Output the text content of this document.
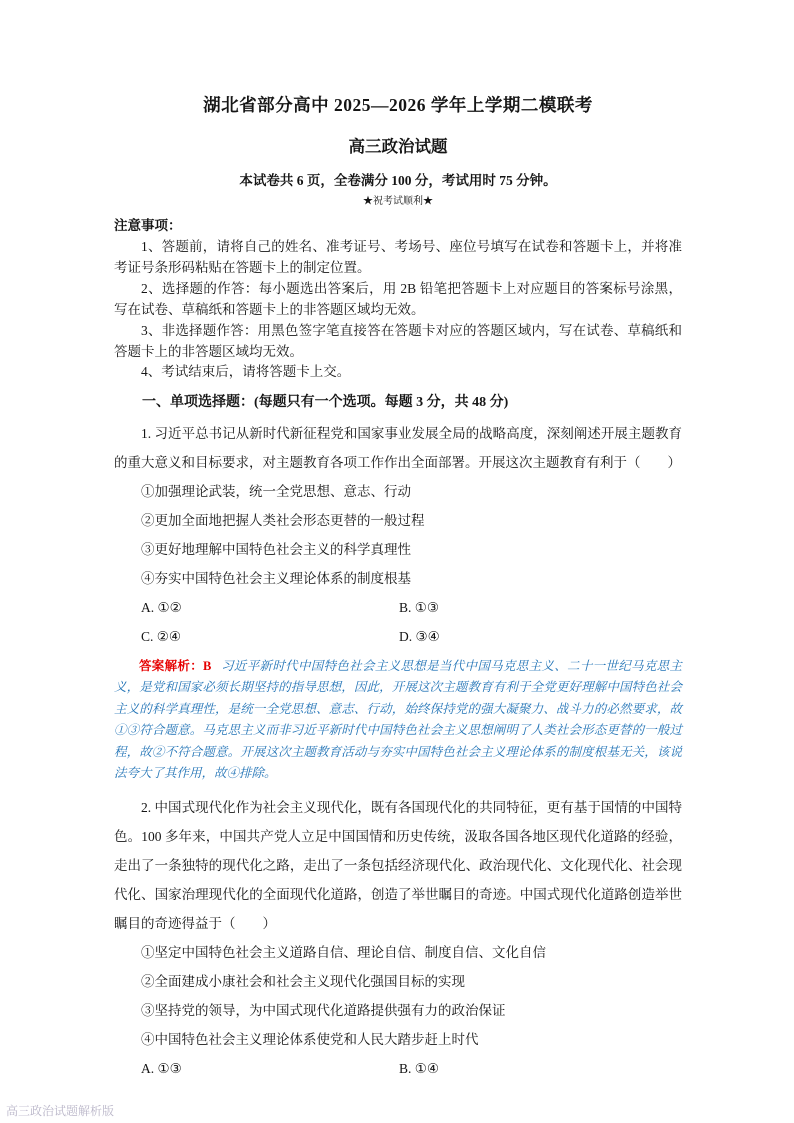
湖北省部分高中 2025—2026 学年上学期二模联考
高三政治试题
本试卷共 6 页，全卷满分 100 分，考试用时 75 分钟。
★祝考试顺利★
注意事项：

1、答题前，请将自己的姓名、准考证号、考场号、座位号填写在试卷和答题卡上，并将准考证号条形码粘贴在答题卡上的制定位置。

2、选择题的作答：每小题选出答案后，用 2B 铅笔把答题卡上对应题目的答案标号涂黑，写在试卷、草稿纸和答题卡上的非答题区域均无效。

3、非选择题作答：用黑色签字笔直接答在答题卡对应的答题区域内，写在试卷、草稿纸和答题卡上的非答题区域均无效。

4、考试结束后，请将答题卡上交。

一、单项选择题：(每题只有一个选项。每题 3 分，共 48 分)

1. 习近平总书记从新时代新征程党和国家事业发展全局的战略高度，深刻阐述开展主题教育的重大意义和目标要求，对主题教育各项工作作出全面部署。开展这次主题教育有利于（　　）

①加强理论武装，统一全党思想、意志、行动

②更加全面地把握人类社会形态更替的一般过程

③更好地理解中国特色社会主义的科学真理性

④夯实中国特色社会主义理论体系的制度根基

A. ①②	B. ①③
C. ②④	D. ③④

答案解析：B 习近平新时代中国特色社会主义思想是当代中国马克思主义、二十一世纪马克思主义，是党和国家必须长期坚持的指导思想，因此，开展这次主题教育有利于全党更好理解中国特色社会主义的科学真理性，是统一全党思想、意志、行动，始终保持党的强大凝聚力、战斗力的必然要求，故①③符合题意。马克思主义而非习近平新时代中国特色社会主义思想阐明了人类社会形态更替的一般过程，故②不符合题意。开展这次主题教育活动与夯实中国特色社会主义理论体系的制度根基无关，该说法夸大了其作用，故④排除。

2. 中国式现代化作为社会主义现代化，既有各国现代化的共同特征，更有基于国情的中国特色。100 多年来，中国共产党人立足中国国情和历史传统，汲取各国各地区现代化道路的经验，走出了一条独特的现代化之路，走出了一条包括经济现代化、政治现代化、文化现代化、社会现代化、国家治理现代化的全面现代化道路，创造了举世瞩目的奇迹。中国式现代化道路创造举世瞩目的奇迹得益于（　　）

①坚定中国特色社会主义道路自信、理论自信、制度自信、文化自信

②全面建成小康社会和社会主义现代化强国目标的实现

③坚持党的领导，为中国式现代化道路提供强有力的政治保证

④中国特色社会主义理论体系使党和人民大踏步赶上时代

A. ①③	B. ①④
高三政治试题解析版
